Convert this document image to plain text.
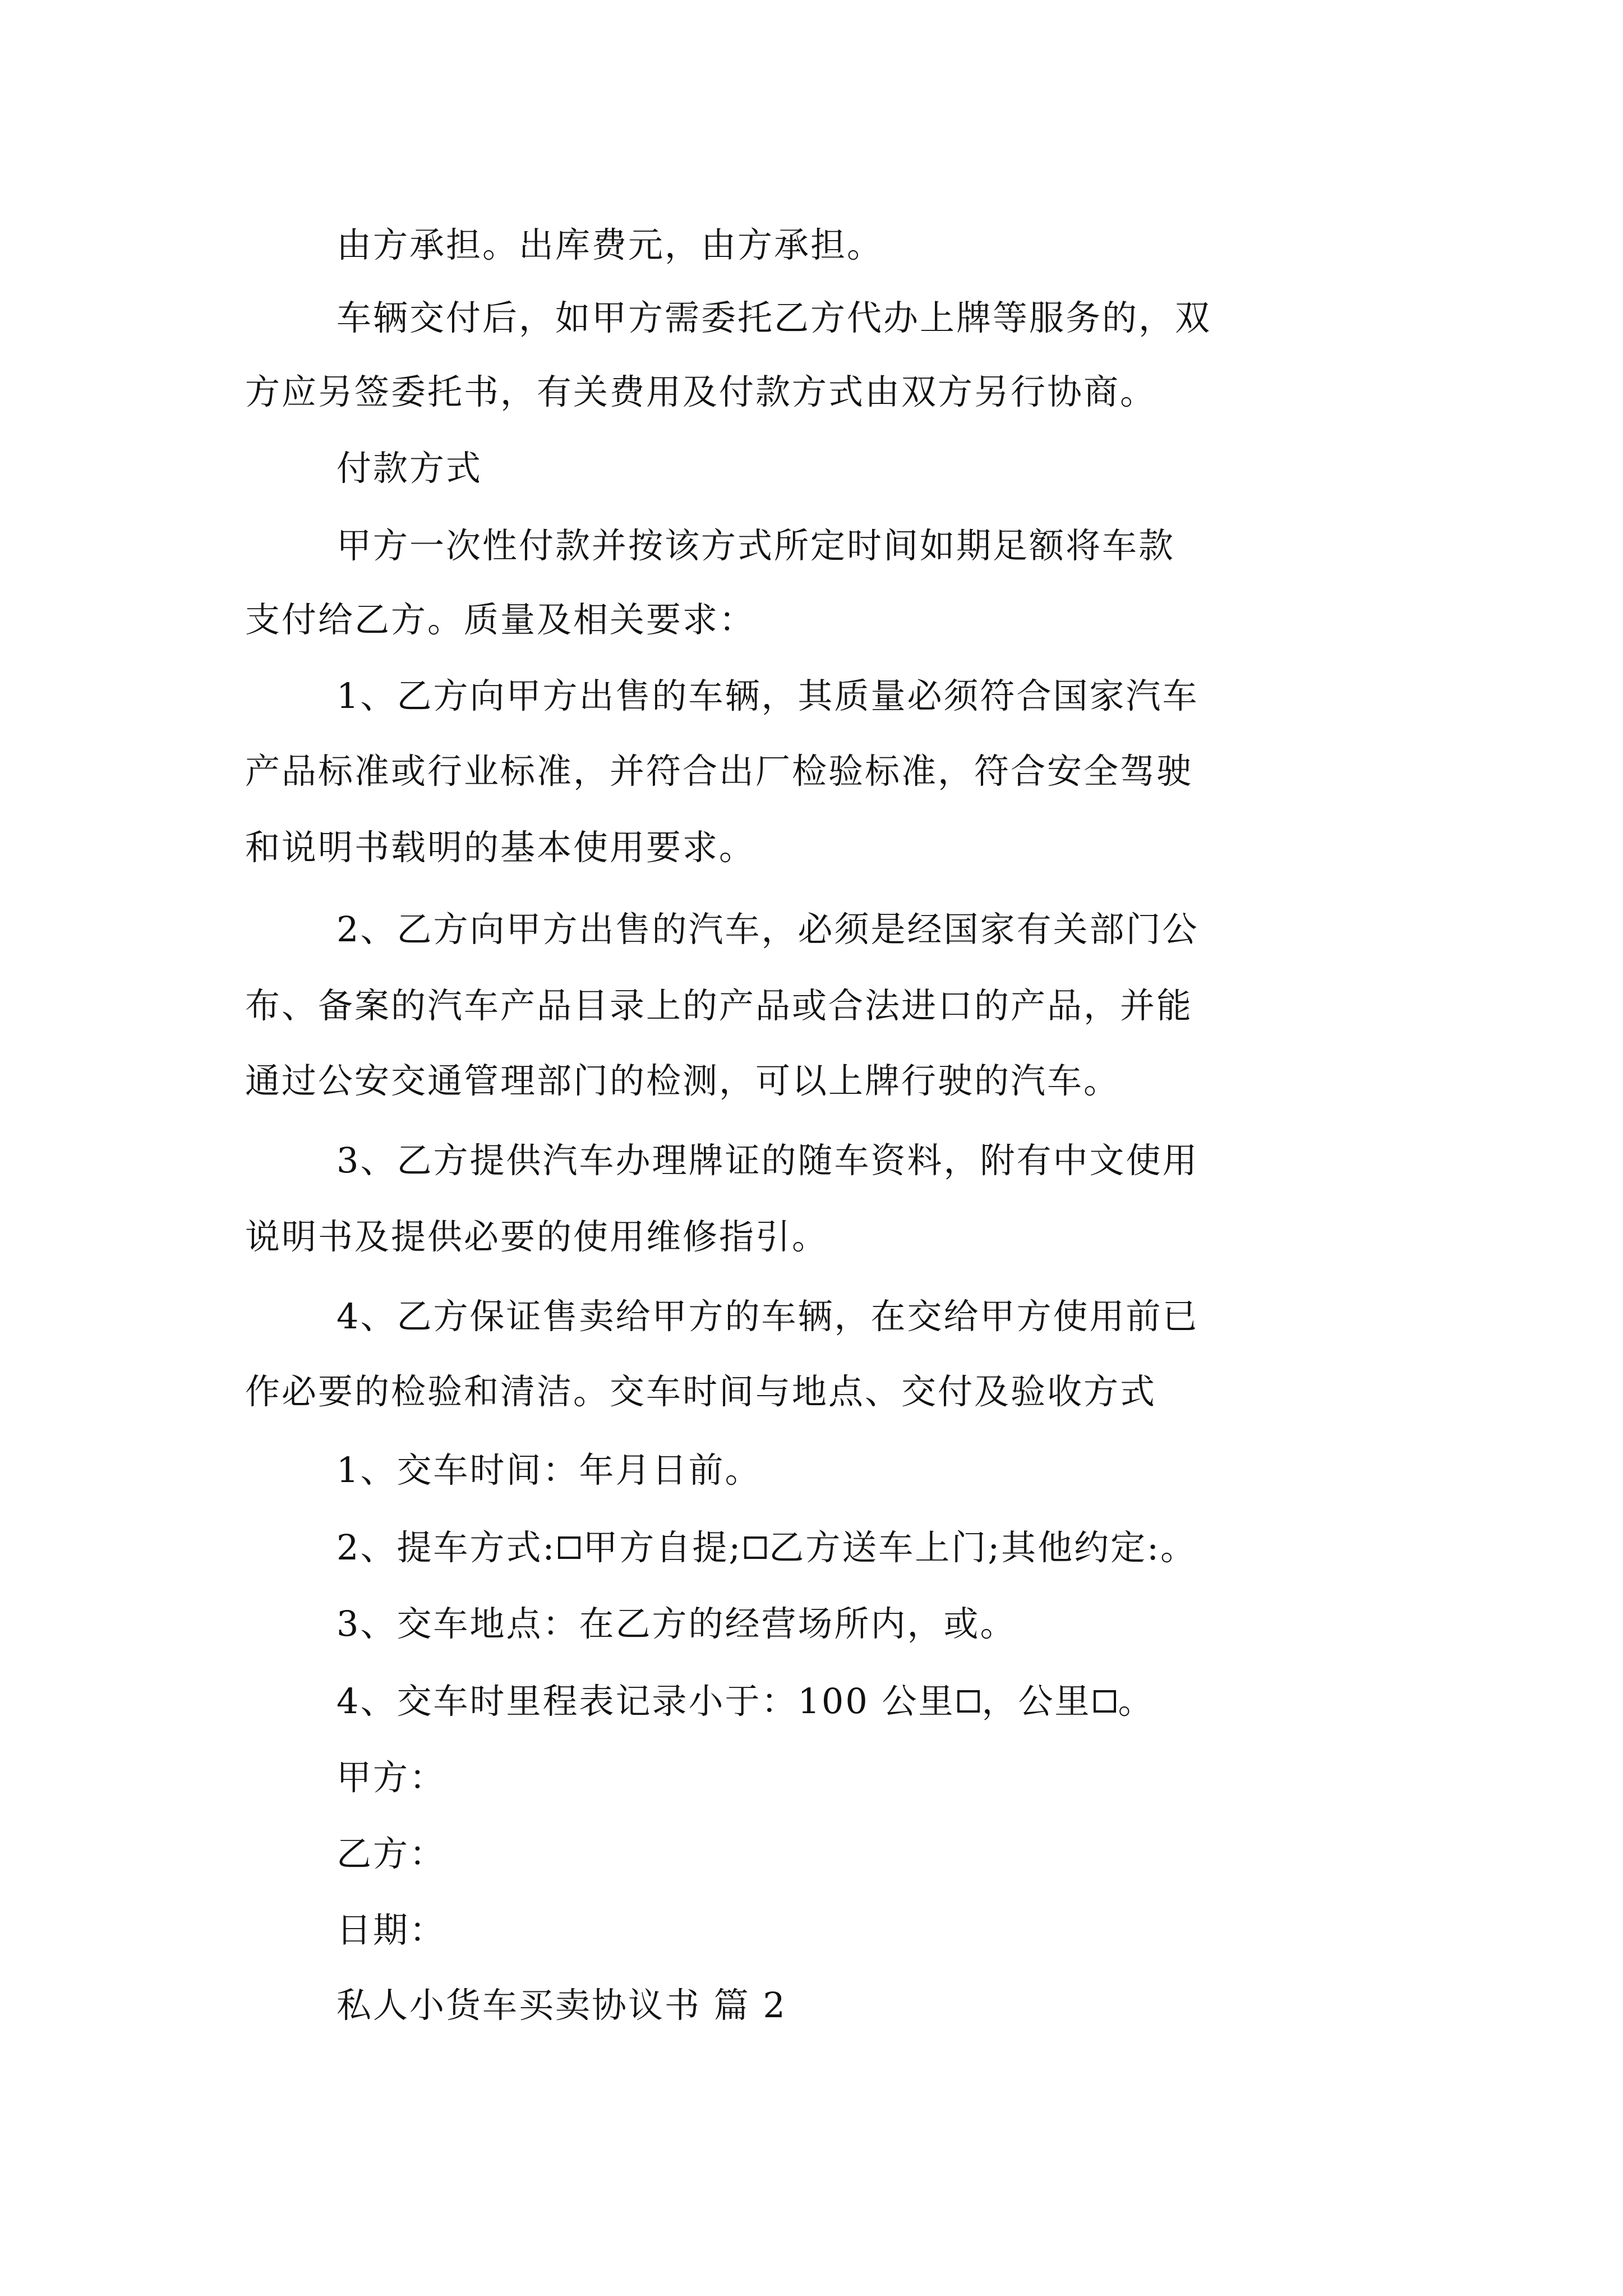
由方承担。出库费元，由方承担。
车辆交付后，如甲方需委托乙方代办上牌等服务的，双
方应另签委托书，有关费用及付款方式由双方另行协商。
付款方式
甲方一次性付款并按该方式所定时间如期足额将车款
支付给乙方。质量及相关要求：
1、乙方向甲方出售的车辆，其质量必须符合国家汽车
产品标准或行业标准，并符合出厂检验标准，符合安全驾驶
和说明书载明的基本使用要求。
2、乙方向甲方出售的汽车，必须是经国家有关部门公
布、备案的汽车产品目录上的产品或合法进口的产品，并能
通过公安交通管理部门的检测，可以上牌行驶的汽车。
3、乙方提供汽车办理牌证的随车资料，附有中文使用
说明书及提供必要的使用维修指引。
4、乙方保证售卖给甲方的车辆，在交给甲方使用前已
作必要的检验和清洁。交车时间与地点、交付及验收方式
1、交车时间：年月日前。
2、提车方式: 甲方自提; 乙方送车上门;其他约定:。
3、交车地点：在乙方的经营场所内，或。
4、交车时里程表记录小于：100 公里 ，公里 。
甲方：
乙方：
日期：
私人小货车买卖协议书 篇 2
